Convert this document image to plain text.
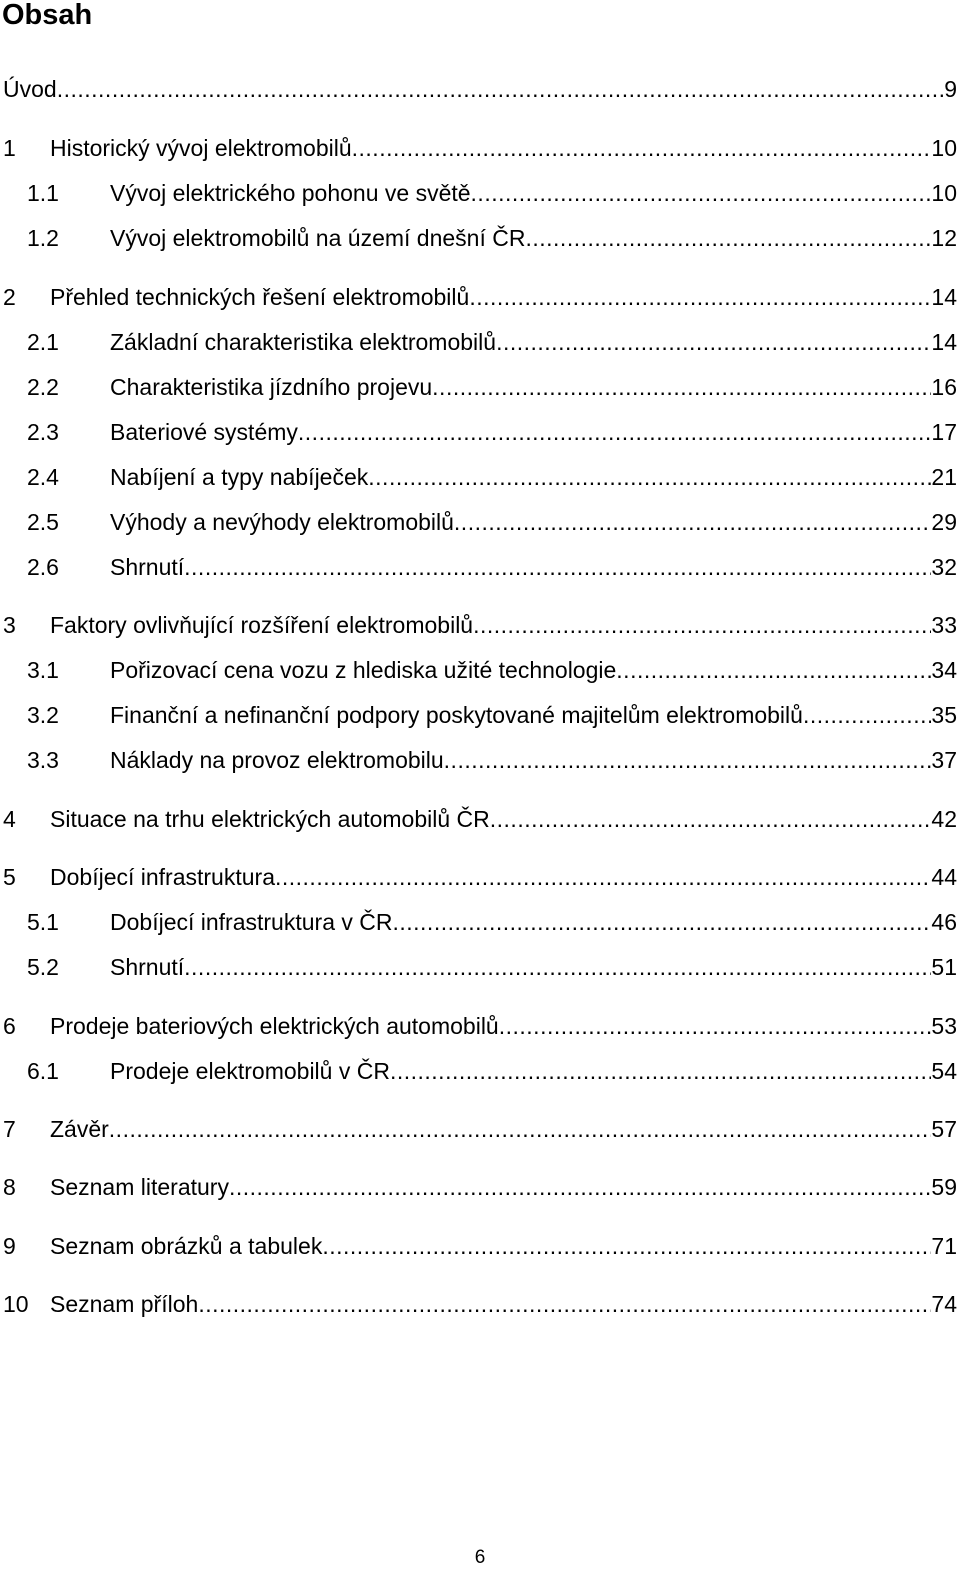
Obsah
Úvod .....	9
1 Historický vývoj elektromobilů .....	10
1.1 Vývoj elektrického pohonu ve světě .....	10
1.2 Vývoj elektromobilů na území dnešní ČR .....	12
2 Přehled technických řešení elektromobilů .....	14
2.1 Základní charakteristika elektromobilů .....	14
2.2 Charakteristika jízdního projevu .....	16
2.3 Bateriové systémy .....	17
2.4 Nabíjení a typy nabíječek .....	21
2.5 Výhody a nevýhody elektromobilů .....	29
2.6 Shrnutí .....	32
3 Faktory ovlivňující rozšíření elektromobilů .....	33
3.1 Pořizovací cena vozu z hlediska užité technologie .....	34
3.2 Finanční a nefinanční podpory poskytované majitelům elektromobilů .....	35
3.3 Náklady na provoz elektromobilu .....	37
4 Situace na trhu elektrických automobilů ČR .....	42
5 Dobíjecí infrastruktura .....	44
5.1 Dobíjecí infrastruktura v ČR .....	46
5.2 Shrnutí .....	51
6 Prodeje bateriových elektrických automobilů .....	53
6.1 Prodeje elektromobilů v ČR .....	54
7 Závěr .....	57
8 Seznam literatury .....	59
9 Seznam obrázků a tabulek .....	71
10 Seznam příloh .....	74
6
